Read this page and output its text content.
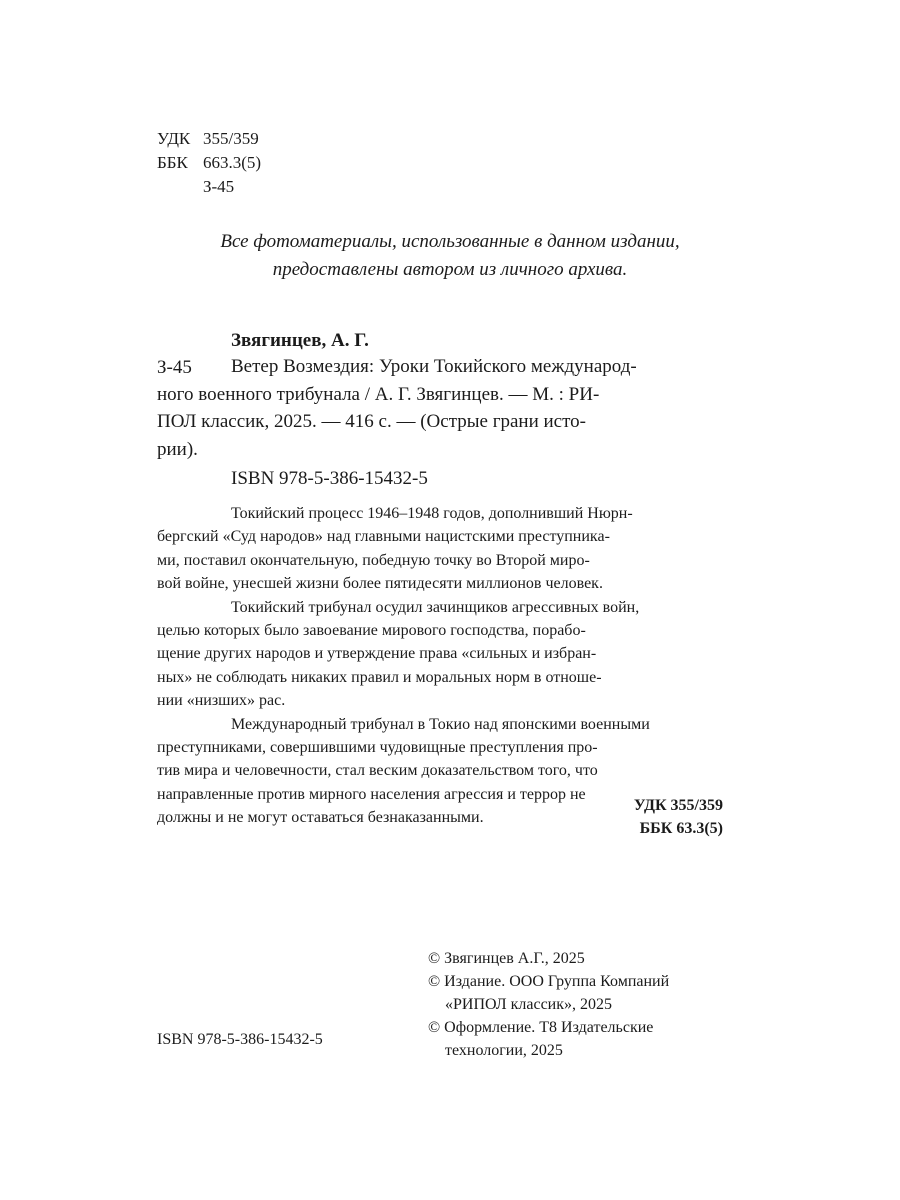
УДК 355/359
ББК 663.3(5)
З-45
Все фотоматериалы, использованные в данном издании,
предоставлены автором из личного архива.
Звягинцев, А. Г.
З-45	Ветер Возмездия: Уроки Токийского международ-
ного военного трибунала / А. Г. Звягинцев. — М. : РИ-
ПОЛ классик, 2025. — 416 с. — (Острые грани исто-
рии).
ISBN 978-5-386-15432-5
Токийский процесс 1946–1948 годов, дополнивший Нюрн-
бергский «Суд народов» над главными нацистскими преступника-
ми, поставил окончательную, победную точку во Второй миро-
вой войне, унесшей жизни более пятидесяти миллионов человек.
Токийский трибунал осудил зачинщиков агрессивных войн,
целью которых было завоевание мирового господства, порабо-
щение других народов и утверждение права «сильных и избран-
ных» не соблюдать никаких правил и моральных норм в отноше-
нии «низших» рас.
Международный трибунал в Токио над японскими военными
преступниками, совершившими чудовищные преступления про-
тив мира и человечности, стал веским доказательством того, что
направленные против мирного населения агрессия и террор не
должны и не могут оставаться безнаказанными.
УДК 355/359
ББК 63.3(5)
© Звягинцев А.Г., 2025
© Издание. ООО Группа Компаний
«РИПОЛ классик», 2025
© Оформление. Т8 Издательские
технологии, 2025
ISBN 978-5-386-15432-5
